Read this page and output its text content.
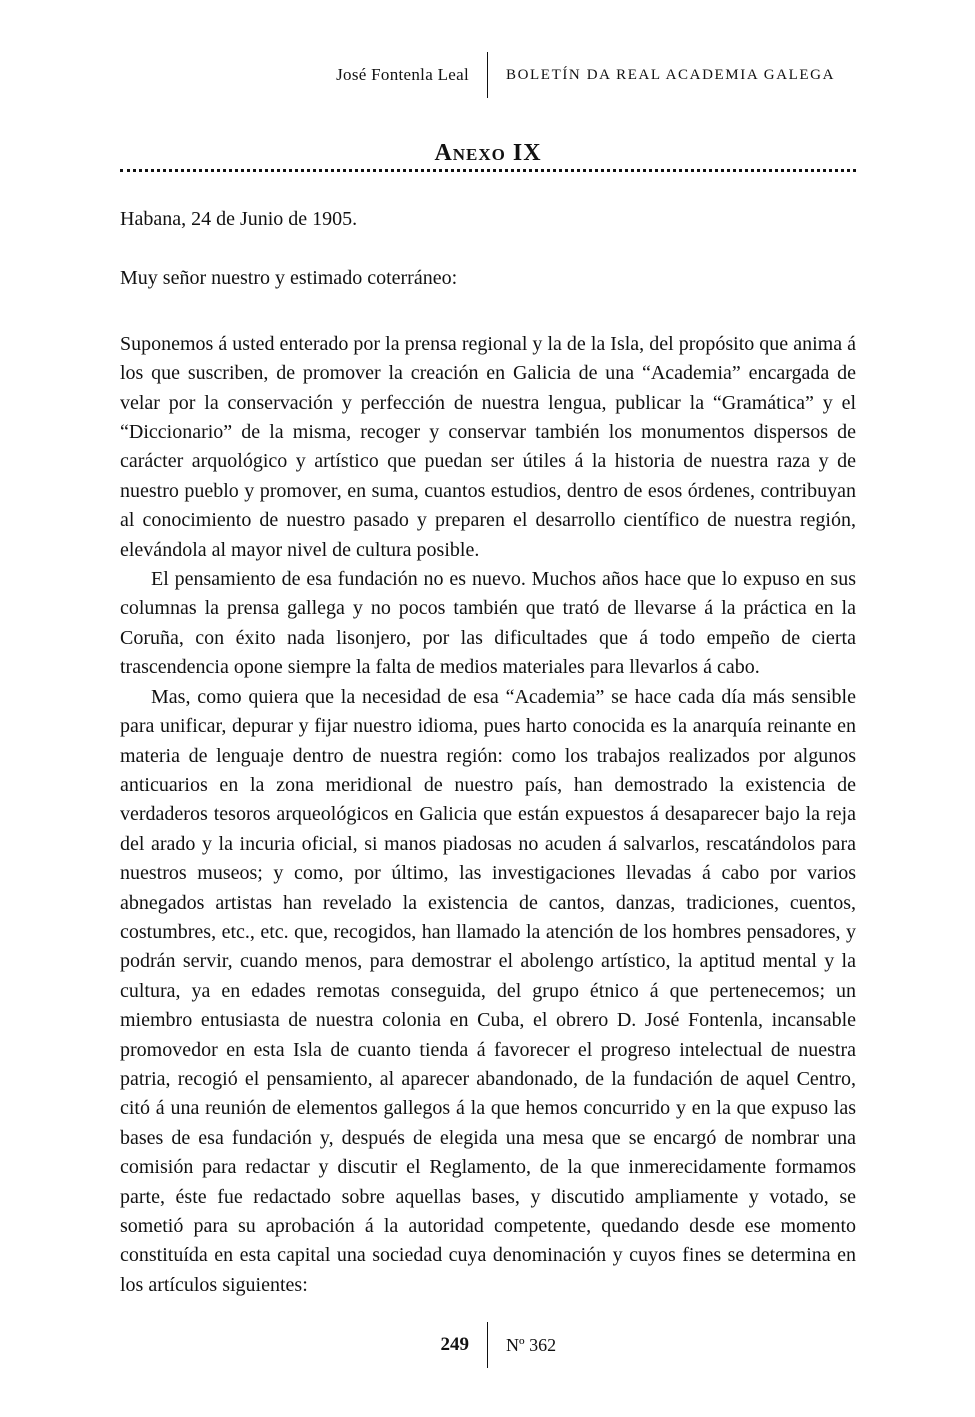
José Fontenla Leal	BOLETÍN DA REAL ACADEMIA GALEGA
Anexo IX

Habana, 24 de Junio de 1905.

Muy señor nuestro y estimado coterráneo:

Suponemos á usted enterado por la prensa regional y la de la Isla, del propósito que anima á los que suscriben, de promover la creación en Galicia de una “Academia” encargada de velar por la conservación y perfección de nuestra lengua, publicar la “Gramática” y el “Diccionario” de la misma, recoger y conservar también los monumentos dispersos de carácter arquológico y artístico que puedan ser útiles á la historia de nuestra raza y de nuestro pueblo y promover, en suma, cuantos estudios, dentro de esos órdenes, contribuyan al conocimiento de nuestro pasado y preparen el desarrollo científico de nuestra región, elevándola al mayor nivel de cultura posible.

El pensamiento de esa fundación no es nuevo. Muchos años hace que lo expuso en sus columnas la prensa gallega y no pocos también que trató de llevarse á la práctica en la Coruña, con éxito nada lisonjero, por las dificultades que á todo empeño de cierta trascendencia opone siempre la falta de medios materiales para llevarlos á cabo.

Mas, como quiera que la necesidad de esa “Academia” se hace cada día más sensible para unificar, depurar y fijar nuestro idioma, pues harto conocida es la anarquía reinante en materia de lenguaje dentro de nuestra región: como los trabajos realizados por algunos anticuarios en la zona meridional de nuestro país, han demostrado la existencia de verdaderos tesoros arqueológicos en Galicia que están expuestos á desaparecer bajo la reja del arado y la incuria oficial, si manos piadosas no acuden á salvarlos, rescatándolos para nuestros museos; y como, por último, las investigaciones llevadas á cabo por varios abnegados artistas han revelado la existencia de cantos, danzas, tradiciones, cuentos, costumbres, etc., etc. que, recogidos, han llamado la atención de los hombres pensadores, y podrán servir, cuando menos, para demostrar el abolengo artístico, la aptitud mental y la cultura, ya en edades remotas conseguida, del grupo étnico á que pertenecemos; un miembro entusiasta de nuestra colonia en Cuba, el obrero D. José Fontenla, incansable promovedor en esta Isla de cuanto tienda á favorecer el progreso intelectual de nuestra patria, recogió el pensamiento, al aparecer abandonado, de la fundación de aquel Centro, citó á una reunión de elementos gallegos á la que hemos concurrido y en la que expuso las bases de esa fundación y, después de elegida una mesa que se encargó de nombrar una comisión para redactar y discutir el Reglamento, de la que inmerecidamente formamos parte, éste fue redactado sobre aquellas bases, y discutido ampliamente y votado, se sometió para su aprobación á la autoridad competente, quedando desde ese momento constituída en esta capital una sociedad cuya denominación y cuyos fines se determina en los artículos siguientes:

249	Nº 362
